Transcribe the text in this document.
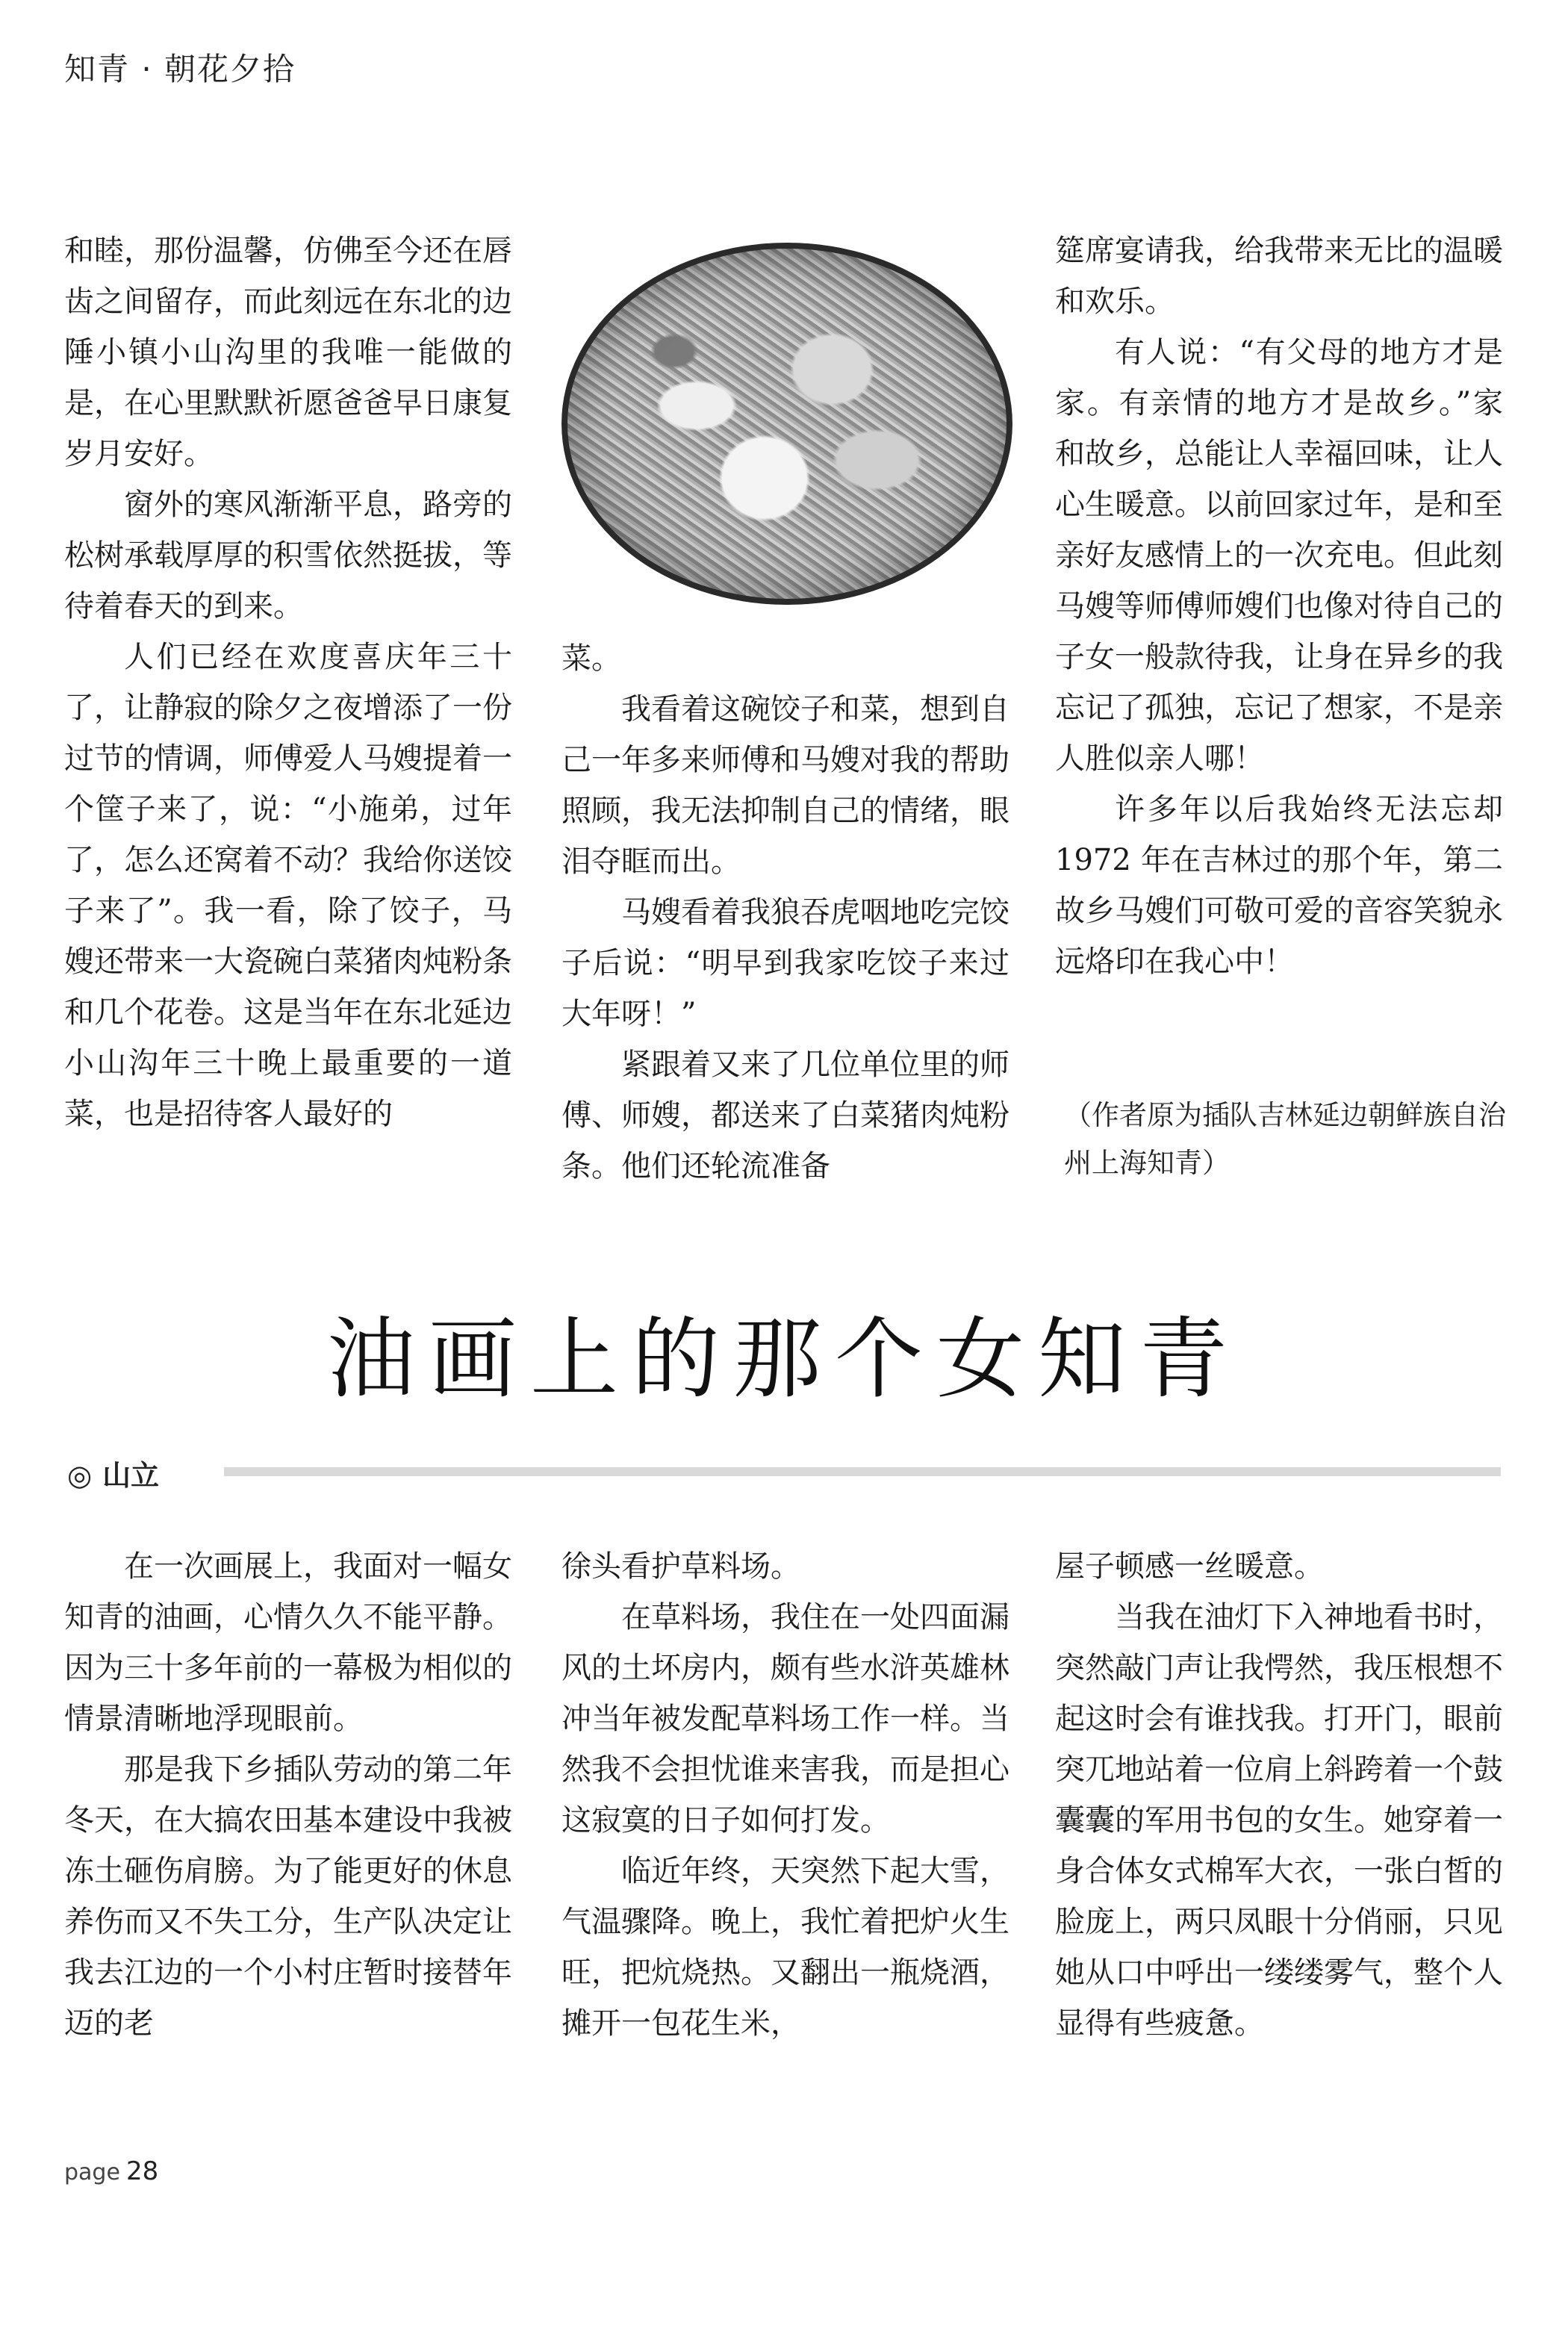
知青 · 朝花夕拾

和睦，那份温馨，仿佛至今还在唇齿之间留存，而此刻远在东北的边陲小镇小山沟里的我唯一能做的是，在心里默默祈愿爸爸早日康复岁月安好。

窗外的寒风渐渐平息，路旁的松树承载厚厚的积雪依然挺拔，等待着春天的到来。

人们已经在欢度喜庆年三十了，让静寂的除夕之夜增添了一份过节的情调，师傅爱人马嫂提着一个筐子来了，说：“小施弟，过年了，怎么还窝着不动？我给你送饺子来了”。我一看，除了饺子，马嫂还带来一大瓷碗白菜猪肉炖粉条和几个花卷。这是当年在东北延边小山沟年三十晚上最重要的一道菜，也是招待客人最好的

菜。

我看着这碗饺子和菜，想到自己一年多来师傅和马嫂对我的帮助照顾，我无法抑制自己的情绪，眼泪夺眶而出。

马嫂看着我狼吞虎咽地吃完饺子后说：“明早到我家吃饺子来过大年呀！”

紧跟着又来了几位单位里的师傅、师嫂，都送来了白菜猪肉炖粉条。他们还轮流准备

筵席宴请我，给我带来无比的温暖和欢乐。

有人说：“有父母的地方才是家。有亲情的地方才是故乡。”家和故乡，总能让人幸福回味，让人心生暖意。以前回家过年，是和至亲好友感情上的一次充电。但此刻马嫂等师傅师嫂们也像对待自己的子女一般款待我，让身在异乡的我忘记了孤独，忘记了想家，不是亲人胜似亲人哪！

许多年以后我始终无法忘却 1972 年在吉林过的那个年，第二故乡马嫂们可敬可爱的音容笑貌永远烙印在我心中！

（作者原为插队吉林延边朝鲜族自治州上海知青）
油画上的那个女知青
◎ 山立

在一次画展上，我面对一幅女知青的油画，心情久久不能平静。因为三十多年前的一幕极为相似的情景清晰地浮现眼前。

那是我下乡插队劳动的第二年冬天，在大搞农田基本建设中我被冻土砸伤肩膀。为了能更好的休息养伤而又不失工分，生产队决定让我去江边的一个小村庄暂时接替年迈的老

徐头看护草料场。

在草料场，我住在一处四面漏风的土坏房内，颇有些水浒英雄林冲当年被发配草料场工作一样。当然我不会担忧谁来害我，而是担心这寂寞的日子如何打发。

临近年终，天突然下起大雪，气温骤降。晚上，我忙着把炉火生旺，把炕烧热。又翻出一瓶烧酒，摊开一包花生米，

屋子顿感一丝暖意。

当我在油灯下入神地看书时，突然敲门声让我愕然，我压根想不起这时会有谁找我。打开门，眼前突兀地站着一位肩上斜跨着一个鼓囊囊的军用书包的女生。她穿着一身合体女式棉军大衣，一张白皙的脸庞上，两只凤眼十分俏丽，只见她从口中呼出一缕缕雾气，整个人显得有些疲惫。

page 28
